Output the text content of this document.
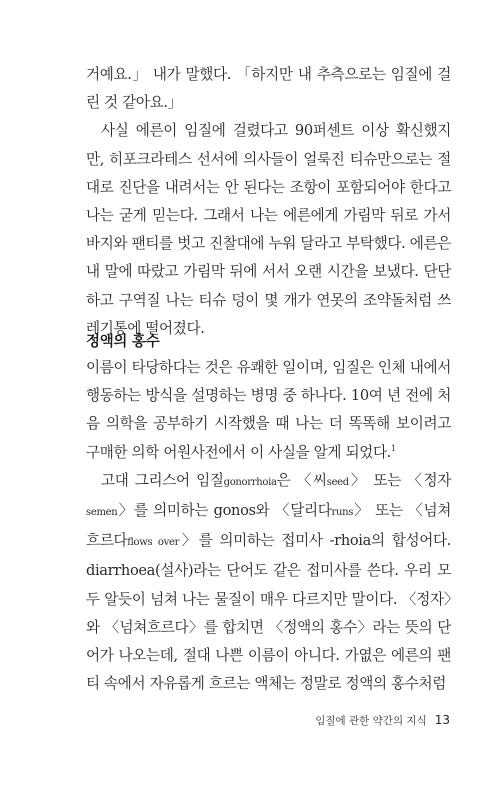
거예요.」 내가 말했다. 「하지만 내 추측으로는 임질에 걸린 것 같아요.」

사실 에른이 임질에 걸렸다고 90퍼센트 이상 확신했지만, 히포크라테스 선서에 의사들이 얼룩진 티슈만으로는 절대로 진단을 내려서는 안 된다는 조항이 포함되어야 한다고 나는 굳게 믿는다. 그래서 나는 에른에게 가림막 뒤로 가서 바지와 팬티를 벗고 진찰대에 누워 달라고 부탁했다. 에른은 내 말에 따랐고 가림막 뒤에 서서 오랜 시간을 보냈다. 단단하고 구역질 나는 티슈 덩이 몇 개가 연못의 조약돌처럼 쓰레기통에 떨어졌다.

정액의 홍수

이름이 타당하다는 것은 유쾌한 일이며, 임질은 인체 내에서 행동하는 방식을 설명하는 병명 중 하나다. 10여 년 전에 처음 의학을 공부하기 시작했을 때 나는 더 똑똑해 보이려고 구매한 의학 어원사전에서 이 사실을 알게 되었다.$^1$

고대 그리스어 임질gonorrhoia은 〈씨seed〉 또는 〈정자semen〉를 의미하는 gonos와 〈달리다runs〉 또는 〈넘쳐흐르다flows over〉를 의미하는 접미사 -rhoia의 합성어다. diarrhoea(설사)라는 단어도 같은 접미사를 쓴다. 우리 모두 알듯이 넘쳐 나는 물질이 매우 다르지만 말이다. 〈정자〉와 〈넘쳐흐르다〉를 합치면 〈정액의 홍수〉라는 뜻의 단어가 나오는데, 절대 나쁜 이름이 아니다. 가엾은 에른의 팬티 속에서 자유롭게 흐르는 액체는 정말로 정액의 홍수처럼

임질에 관한 약간의 지식 13
